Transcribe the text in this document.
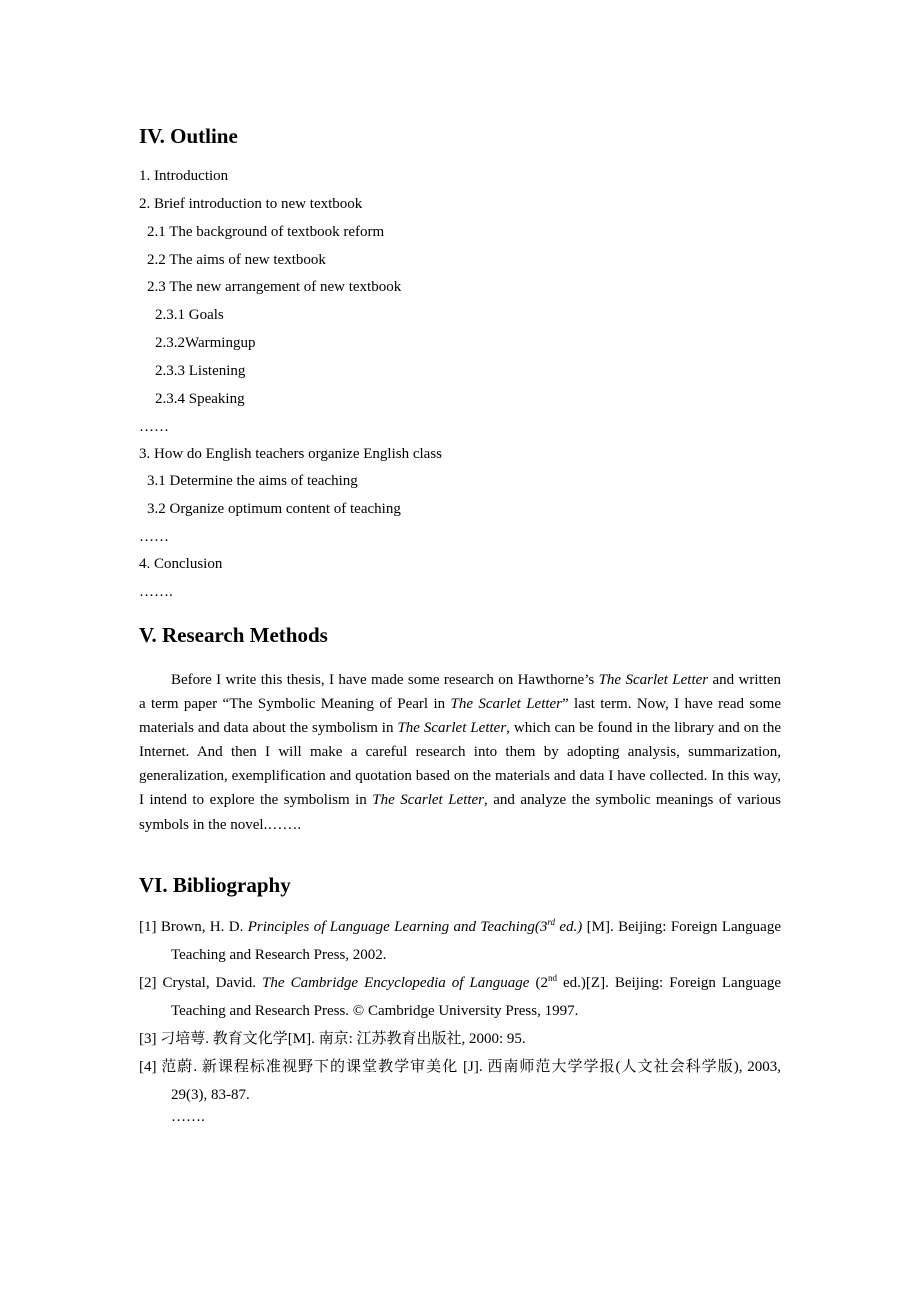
IV. Outline
1. Introduction
2. Brief introduction to new textbook
2.1 The background of textbook reform
2.2 The aims of new textbook
2.3 The new arrangement of new textbook
2.3.1 Goals
2.3.2Warmingup
2.3.3 Listening
2.3.4 Speaking
……
3. How do English teachers organize English class
3.1 Determine the aims of teaching
3.2 Organize optimum content of teaching
……
4. Conclusion
…….
V. Research Methods

Before I write this thesis, I have made some research on Hawthorne’s The Scarlet Letter and written a term paper “The Symbolic Meaning of Pearl in The Scarlet Letter” last term. Now, I have read some materials and data about the symbolism in The Scarlet Letter, which can be found in the library and on the Internet. And then I will make a careful research into them by adopting analysis, summarization, generalization, exemplification and quotation based on the materials and data I have collected. In this way, I intend to explore the symbolism in The Scarlet Letter, and analyze the symbolic meanings of various symbols in the novel.…….

VI. Bibliography

[1] Brown, H. D. Principles of Language Learning and Teaching(3rd ed.) [M]. Beijing: Foreign Language Teaching and Research Press, 2002.

[2] Crystal, David. The Cambridge Encyclopedia of Language (2nd ed.)[Z]. Beijing: Foreign Language Teaching and Research Press. © Cambridge University Press, 1997.

[3] 刁培萼. 教育文化学[M]. 南京: 江苏教育出版社, 2000: 95.

[4] 范蔚. 新课程标准视野下的课堂教学审美化 [J]. 西南师范大学学报(人文社会科学版), 2003, 29(3), 83-87.

…….
